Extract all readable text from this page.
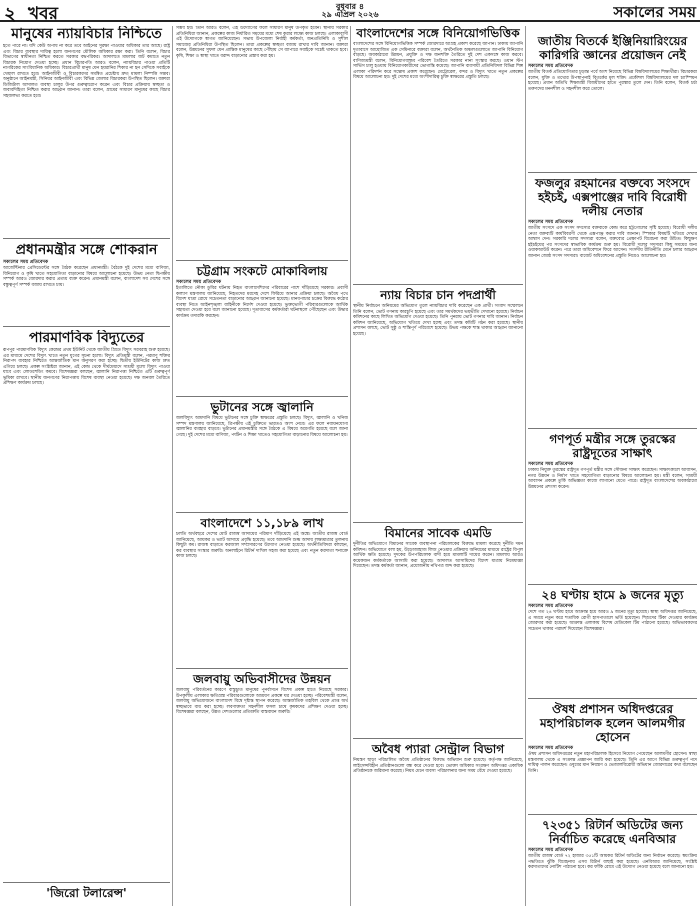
২ খবর	বুধবার ৪
২৯ এপ্রিল ২০২৬	সকালের সময়
মানুষের ন্যায়বিচার নিশ্চিতে
হতে পারে না। যদি কেউ অপাধ না করে তবে আইনের সুরক্ষা পাওয়ার অধিকার তার আছে। রাষ্ট্র এবং বিচার ব্যবস্থার দায়িত্ব হলো জনগণের মৌলিক অধিকার রক্ষা করা। তিনি বলেন, বিচার বিভাগের স্বাধীনতা নিশ্চিত করতে সরকার বদ্ধপরিকর। আদালতে মামলার জট কমাতে নতুন বিচারক নিয়োগ দেওয়া হচ্ছে। প্রধান বিচারপতি আরও বলেন, ন্যায়বিচার পাওয়া প্রতিটি নাগরিকের সাংবিধানিক অধিকার। বিচারপ্রার্থী মানুষ যেন হয়রানির শিকার না হন সেদিকে সবাইকে খেয়াল রাখতে হবে। আইনজীবী ও বিচারকদের সমন্বিত প্রচেষ্টায় দ্রুত মামলা নিষ্পত্তি সম্ভব। অনুষ্ঠানে আইনমন্ত্রী, সিনিয়র আইনজীবী এবং বিভিন্ন জেলার বিচারকরা উপস্থিত ছিলেন। বক্তারা ডিজিটাল আদালত ব্যবস্থা চালুর উপর গুরুত্বারোপ করেন এবং বিচার প্রক্রিয়ায় স্বচ্ছতা ও জবাবদিহিতা নিশ্চিত করার আহ্বান জানান। তারা বলেন, গ্রামের সাধারণ মানুষের কাছে বিচার সহজলভ্য করতে হবে।
প্রধানমন্ত্রীর সঙ্গে শোকরান
সকালের সময় প্রতিবেদক
আর্জেন্টিনার প্রেসিডেন্টের সঙ্গে বৈঠক করেছেন প্রধানমন্ত্রী। বৈঠকে দুই দেশের মধ্যে বাণিজ্য, বিনিয়োগ ও কৃষি খাতে সহযোগিতা বাড়ানোর বিষয়ে আলোচনা হয়েছে। উভয় নেতা দ্বিপক্ষীয় সম্পর্ক আরও জোরদার করার প্রত্যয় ব্যক্ত করেন। প্রধানমন্ত্রী বলেন, বাংলাদেশ সব দেশের সঙ্গে বন্ধুত্বপূর্ণ সম্পর্ক বজায় রাখতে চায়।
পারমাণবিক বিদ্যুতের
রূপপুর পারমাণবিক বিদ্যুৎ কেন্দ্রের প্রথম ইউনিট থেকে জাতীয় গ্রিডে বিদ্যুৎ সরবরাহ শুরু হয়েছে। এর মাধ্যমে দেশের বিদ্যুৎ খাতে নতুন যুগের সূচনা হলো। বিদ্যুৎ প্রতিমন্ত্রী বলেন, পরমাণু শক্তির নিরাপদ ব্যবহার নিশ্চিতে আন্তর্জাতিক মান অনুসরণ করা হচ্ছে। দ্বিতীয় ইউনিটের কাজ দ্রুত এগিয়ে চলছে। প্রকল্প সংশ্লিষ্টরা জানান, এই কেন্দ্র থেকে দীর্ঘমেয়াদে সাশ্রয়ী মূল্যে বিদ্যুৎ পাওয়া যাবে এবং লোডশেডিং কমবে। বিশেষজ্ঞরা বলছেন, জ্বালানি নিরাপত্তা নিশ্চিতে এটি গুরুত্বপূর্ণ ভূমিকা রাখবে। স্থানীয় জনগণের নিরাপত্তায় বিশেষ ব্যবস্থা নেওয়া হয়েছে। দক্ষ জনবল তৈরিতে প্রশিক্ষণ কার্যক্রম চলছে।
'জিরো টলারেন্স'
সম্ভব হয়। তিনি আরও বলেন, এই উদ্যোগের ফলে সাধারণ মানুষ উপকৃত হবেন। স্থানীয় সরকার প্রতিনিধিরা জানান, প্রকল্পের কাজ নির্ধারিত সময়ের মধ্যে শেষ করার লক্ষ্যে কাজ চলছে। এলাকাবাসী এই উদ্যোগকে স্বাগত জানিয়েছেন। সভায় উপজেলা নির্বাহী কর্মকর্তা, জনপ্রতিনিধি ও সুশীল সমাজের প্রতিনিধিরা উপস্থিত ছিলেন। তারা প্রকল্পের স্বচ্ছতা বজায় রাখার দাবি জানান। বক্তারা বলেন, উন্নয়নের সুফল যেন প্রান্তিক মানুষের কাছে পৌঁছায় সে ব্যাপারে সবাইকে সচেষ্ট থাকতে হবে। কৃষি, শিক্ষা ও স্বাস্থ্য খাতে বরাদ্দ বাড়ানোর প্রস্তাব করা হয়।
চট্টগ্রাম সংকটে মোকাবিলায়
সকালের সময় প্রতিবেদক
ইতালিতে নৌকা ডুবির ঘটনায় নিহত বাংলাদেশিদের পরিবারের পাশে দাঁড়িয়েছে সরকার। প্রবাসী কল্যাণ মন্ত্রণালয় জানিয়েছে, নিহতদের মরদেহ দেশে ফিরিয়ে আনার প্রক্রিয়া চলছে। অবৈধ পথে বিদেশ যাত্রা রোধে সচেতনতা বাড়ানোর আহ্বান জানানো হয়েছে। মানবপাচার চক্রের বিরুদ্ধে কঠোর ব্যবস্থা নিতে আইনশৃঙ্খলা বাহিনীকে নির্দেশ দেওয়া হয়েছে। ভুক্তভোগী পরিবারগুলোকে আর্থিক সহায়তা দেওয়া হবে বলে জানানো হয়েছে। দূতাবাসের কর্মকর্তারা ঘটনাস্থলে পৌঁছেছেন এবং উদ্ধার কার্যক্রম তদারকি করছেন।
ভুটানের সঙ্গে জ্বালানি
জলবিদ্যুৎ আমদানি বিষয়ে ভুটানের সঙ্গে চুক্তি স্বাক্ষরের প্রস্তুতি চলছে। বিদ্যুৎ, জ্বালানি ও খনিজ সম্পদ মন্ত্রণালয় জানিয়েছে, ত্রিপক্ষীয় এই চুক্তিতে ভারতও অংশ নেবে। এর ফলে নবায়নযোগ্য জ্বালানির ব্যবহার বাড়বে। ভুটানের প্রধানমন্ত্রীর সঙ্গে বৈঠকে এ বিষয়ে অগ্রগতি হয়েছে বলে জানা গেছে। দুই দেশের মধ্যে বাণিজ্য, পর্যটন ও শিক্ষা খাতেও সহযোগিতা বাড়ানোর বিষয়ে আলোচনা হয়।
বাংলাদেশে ১১,১৮৯ লাখ
চলতি অর্থবছরে দেশের মোট রাজস্ব আদায়ের পরিমাণ দাঁড়িয়েছে এই অঙ্কে। জাতীয় রাজস্ব বোর্ড জানিয়েছে, আয়কর ও ভ্যাট আদায়ে প্রবৃদ্ধি হয়েছে। তবে আমদানি শুল্ক আদায় লক্ষ্যমাত্রার তুলনায় কিছুটা কম। রাজস্ব বাড়াতে করজাল সম্প্রসারণের উদ্যোগ নেওয়া হয়েছে। অর্থনীতিবিদরা বলছেন, কর ব্যবস্থার সংস্কার জরুরি। অনলাইনে রিটার্ন দাখিল সহজ করা হয়েছে এবং নতুন করদাতা শনাক্তে কাজ চলছে।
জলবায়ু অভিবাসীদের উন্নয়ন
জলবায়ু পরিবর্তনের কারণে বাস্তুচ্যুত মানুষের পুনর্বাসনে বিশেষ প্রকল্প হাতে নিয়েছে সরকার। উপকূলীয় এলাকার ক্ষতিগ্রস্ত পরিবারগুলোকে আশ্রয়ণ প্রকল্পে ঘর দেওয়া হচ্ছে। পরিবেশমন্ত্রী বলেন, জলবায়ু অভিযোজনে বাংলাদেশ বিশ্বে দৃষ্টান্ত স্থাপন করেছে। আন্তর্জাতিক তহবিল থেকে প্রাপ্ত অর্থ স্বচ্ছভাবে ব্যয় করা হচ্ছে। লবণাক্ততা সহনশীল ফসল চাষে কৃষকদের প্রশিক্ষণ দেওয়া হচ্ছে। বিশেষজ্ঞরা বলছেন, উন্নত দেশগুলোর প্রতিশ্রুতি বাস্তবায়ন জরুরি।
বাংলাদেশের সঙ্গে বিনিয়োগভিত্তিক
বাংলাদেশের সঙ্গে বিনিয়োগভিত্তিক সম্পর্ক জোরদারে আগ্রহ প্রকাশ করেছে জাপান। ঢাকায় জাপানি দূতাবাসে আয়োজিত এক সেমিনারে বক্তারা বলেন, অর্থনৈতিক অঞ্চলগুলোতে জাপানি বিনিয়োগ বাড়ছে। অবকাঠামো উন্নয়ন, প্রযুক্তি ও দক্ষ জনশক্তি তৈরিতে দুই দেশ একসঙ্গে কাজ করবে। বাণিজ্যমন্ত্রী বলেন, বিনিয়োগবান্ধব পরিবেশ তৈরিতে সরকার নানা সংস্কার করছে। ওয়ান স্টপ সার্ভিস চালু হওয়ায় বিনিয়োগকারীদের ভোগান্তি কমেছে। জাপানি ব্যবসায়ী প্রতিনিধিদল বিভিন্ন শিল্প এলাকা পরিদর্শন করে সন্তোষ প্রকাশ করেছেন। মেট্রোরেল, বন্দর ও বিদ্যুৎ খাতে নতুন প্রকল্পের বিষয়ে আলোচনা হয়। দুই দেশের মধ্যে অংশীদারিত্ব চুক্তি স্বাক্ষরের প্রস্তুতি চলছে।
ন্যায় বিচার চান পদপ্রার্থী
স্থানীয় নির্বাচনে অনিয়মের অভিযোগ তুলে ন্যায়বিচার দাবি করেছেন এক প্রার্থী। সংবাদ সম্মেলনে তিনি বলেন, ভোট গণনায় কারচুপি হয়েছে এবং তার সমর্থকদের ভয়ভীতি দেখানো হয়েছে। নির্বাচন কমিশনের কাছে লিখিত অভিযোগ দেওয়া হয়েছে। তিনি পুনরায় ভোট গণনার দাবি জানান। নির্বাচন কমিশন জানিয়েছে, অভিযোগ খতিয়ে দেখা হচ্ছে এবং তদন্ত কমিটি গঠন করা হয়েছে। স্থানীয় প্রশাসন বলছে, ভোট সুষ্ঠু ও শান্তিপূর্ণ পরিবেশে হয়েছে। উভয় পক্ষকে শান্ত থাকার আহ্বান জানানো হয়েছে।
বিমানের সাবেক এমডি
দুর্নীতির অভিযোগে বিমানের সাবেক ব্যবস্থাপনা পরিচালকের বিরুদ্ধে মামলা করেছে দুর্নীতি দমন কমিশন। অভিযোগে বলা হয়, উড়োজাহাজ লিজ নেওয়ার প্রক্রিয়ায় অনিয়মের মাধ্যমে রাষ্ট্রের বিপুল আর্থিক ক্ষতি হয়েছে। দুদকের উপপরিচালক বাদী হয়ে মামলাটি দায়ের করেন। মামলায় আরও কয়েকজন কর্মকর্তাকে আসামি করা হয়েছে। আদালত আসামিদের বিদেশ যাত্রায় নিষেধাজ্ঞা দিয়েছেন। তদন্ত কর্মকর্তা জানান, প্রয়োজনীয় নথিপত্র জব্দ করা হয়েছে।
অবৈধ প্যারা সেন্ট্রাল বিভাগ
নিয়ন্ত্রণ ছাড়া পরিচালিত অবৈধ প্রতিষ্ঠানের বিরুদ্ধে অভিযান শুরু হয়েছে। কর্তৃপক্ষ জানিয়েছে, লাইসেন্সবিহীন প্রতিষ্ঠানগুলো বন্ধ করে দেওয়া হবে। ভোক্তা অধিকার সংরক্ষণ অধিদপ্তর একাধিক প্রতিষ্ঠানকে জরিমানা করেছে। নিয়ম মেনে ব্যবসা পরিচালনার জন্য সময় বেঁধে দেওয়া হয়েছে।
জাতীয় বিতর্কে ইঞ্জিনিয়ারিংয়ের কারিগরি জ্ঞানের প্রয়োজন নেই
সকালের সময় প্রতিবেদক
জাতীয় বিতর্ক প্রতিযোগিতার চূড়ান্ত পর্বে অংশ নিয়েছে বিভিন্ন বিশ্ববিদ্যালয়ের শিক্ষার্থীরা। বিচারকরা বলেন, যুক্তি ও তথ্যের উপস্থাপনাই বিতর্কের মূল শক্তি। প্রকৌশল বিশ্ববিদ্যালয়ের দল চ্যাম্পিয়ন হয়েছে। প্রধান অতিথি শিক্ষামন্ত্রী বিজয়ীদের হাতে পুরস্কার তুলে দেন। তিনি বলেন, বিতর্ক চর্চা তরুণদের মননশীল ও সহনশীল করে তোলে।
ফজলুর রহমানের বক্তব্যে সংসদে হইচই, এক্সপাঞ্জের দাবি বিরোধী দলীয় নেতার
সকালের সময় প্রতিবেদক
জাতীয় সংসদে এক সংসদ সদস্যের বক্তব্যকে কেন্দ্র করে হট্টগোলের সৃষ্টি হয়েছে। বিরোধী দলীয় নেতা বক্তব্যটি কার্যবিবরণী থেকে এক্সপাঞ্জ করার দাবি জানান। স্পিকার বিষয়টি খতিয়ে দেখার আশ্বাস দেন। সরকারি দলের সদস্যরা বলেন, বক্তব্যের প্রেক্ষাপট বিবেচনা করা উচিত। কিছুক্ষণ হইচইয়ের পর সংসদের স্বাভাবিক কার্যক্রম শুরু হয়। বিরোধী দলের সদস্যরা কিছু সময়ের জন্য ওয়াকআউট করেন। পরে তারা অধিবেশনে ফিরে আসেন। সংসদীয় রীতিনীতি মেনে চলার আহ্বান জানান জ্যেষ্ঠ সংসদ সদস্যরা। বাজেট অধিবেশনের প্রস্তুতি নিয়েও আলোচনা হয়।
গণপূর্ত মন্ত্রীর সঙ্গে তুরস্কের রাষ্ট্রদূতের সাক্ষাৎ
সকালের সময় প্রতিবেদক
ঢাকায় নিযুক্ত তুরস্কের রাষ্ট্রদূত গণপূর্ত মন্ত্রীর সঙ্গে সৌজন্য সাক্ষাৎ করেছেন। সাক্ষাৎকালে আবাসন, নগর উন্নয়ন ও নির্মাণ খাতে সহযোগিতা বাড়ানোর বিষয়ে আলোচনা হয়। মন্ত্রী বলেন, সাশ্রয়ী আবাসন প্রকল্পে তুর্কি অভিজ্ঞতা কাজে লাগানো যেতে পারে। রাষ্ট্রদূত বাংলাদেশের অবকাঠামো উন্নয়নের প্রশংসা করেন।
২৪ ঘণ্টায় হামে ৯ জনের মৃত্যু
সকালের সময় প্রতিবেদক
দেশে গত ২৪ ঘণ্টায় হামে আক্রান্ত হয়ে আরও ৯ জনের মৃত্যু হয়েছে। স্বাস্থ্য অধিদপ্তর জানিয়েছে, এ সময়ে নতুন করে শতাধিক রোগী হাসপাতালে ভর্তি হয়েছেন। শিশুদের টিকা দেওয়ার কার্যক্রম জোরদার করা হয়েছে। আক্রান্ত এলাকায় বিশেষ মেডিকেল টিম পাঠানো হয়েছে। অভিভাবকদের সচেতন থাকার পরামর্শ দিয়েছেন বিশেষজ্ঞরা।
ঔষধ প্রশাসন অধিদপ্তরের মহাপরিচালক হলেন আলমগীর হোসেন
সকালের সময় প্রতিবেদক
ঔষধ প্রশাসন অধিদপ্তরের নতুন মহাপরিচালক হিসেবে নিয়োগ পেয়েছেন আলমগীর হোসেন। স্বাস্থ্য মন্ত্রণালয় থেকে এ সংক্রান্ত প্রজ্ঞাপন জারি করা হয়েছে। তিনি এর আগে বিভিন্ন গুরুত্বপূর্ণ পদে দায়িত্ব পালন করেছেন। ওষুধের মান নিয়ন্ত্রণ ও ভেজালবিরোধী অভিযান জোরদারের কথা বলেছেন তিনি।
৭২৩৫১ রিটার্ন অডিটের জন্য নির্বাচিত করেছে এনবিআর
সকালের সময় প্রতিবেদক
জাতীয় রাজস্ব বোর্ড ৭২ হাজার ৩৫১টি আয়কর রিটার্ন অডিটের জন্য নির্বাচন করেছে। স্বয়ংক্রিয় পদ্ধতিতে ঝুঁকি বিবেচনায় এসব রিটার্ন বাছাই করা হয়েছে। এনবিআর জানিয়েছে, সংশ্লিষ্ট করদাতাদের নোটিশ পাঠানো হবে। কর ফাঁকি রোধে এই উদ্যোগ নেওয়া হয়েছে বলে জানানো হয়।
